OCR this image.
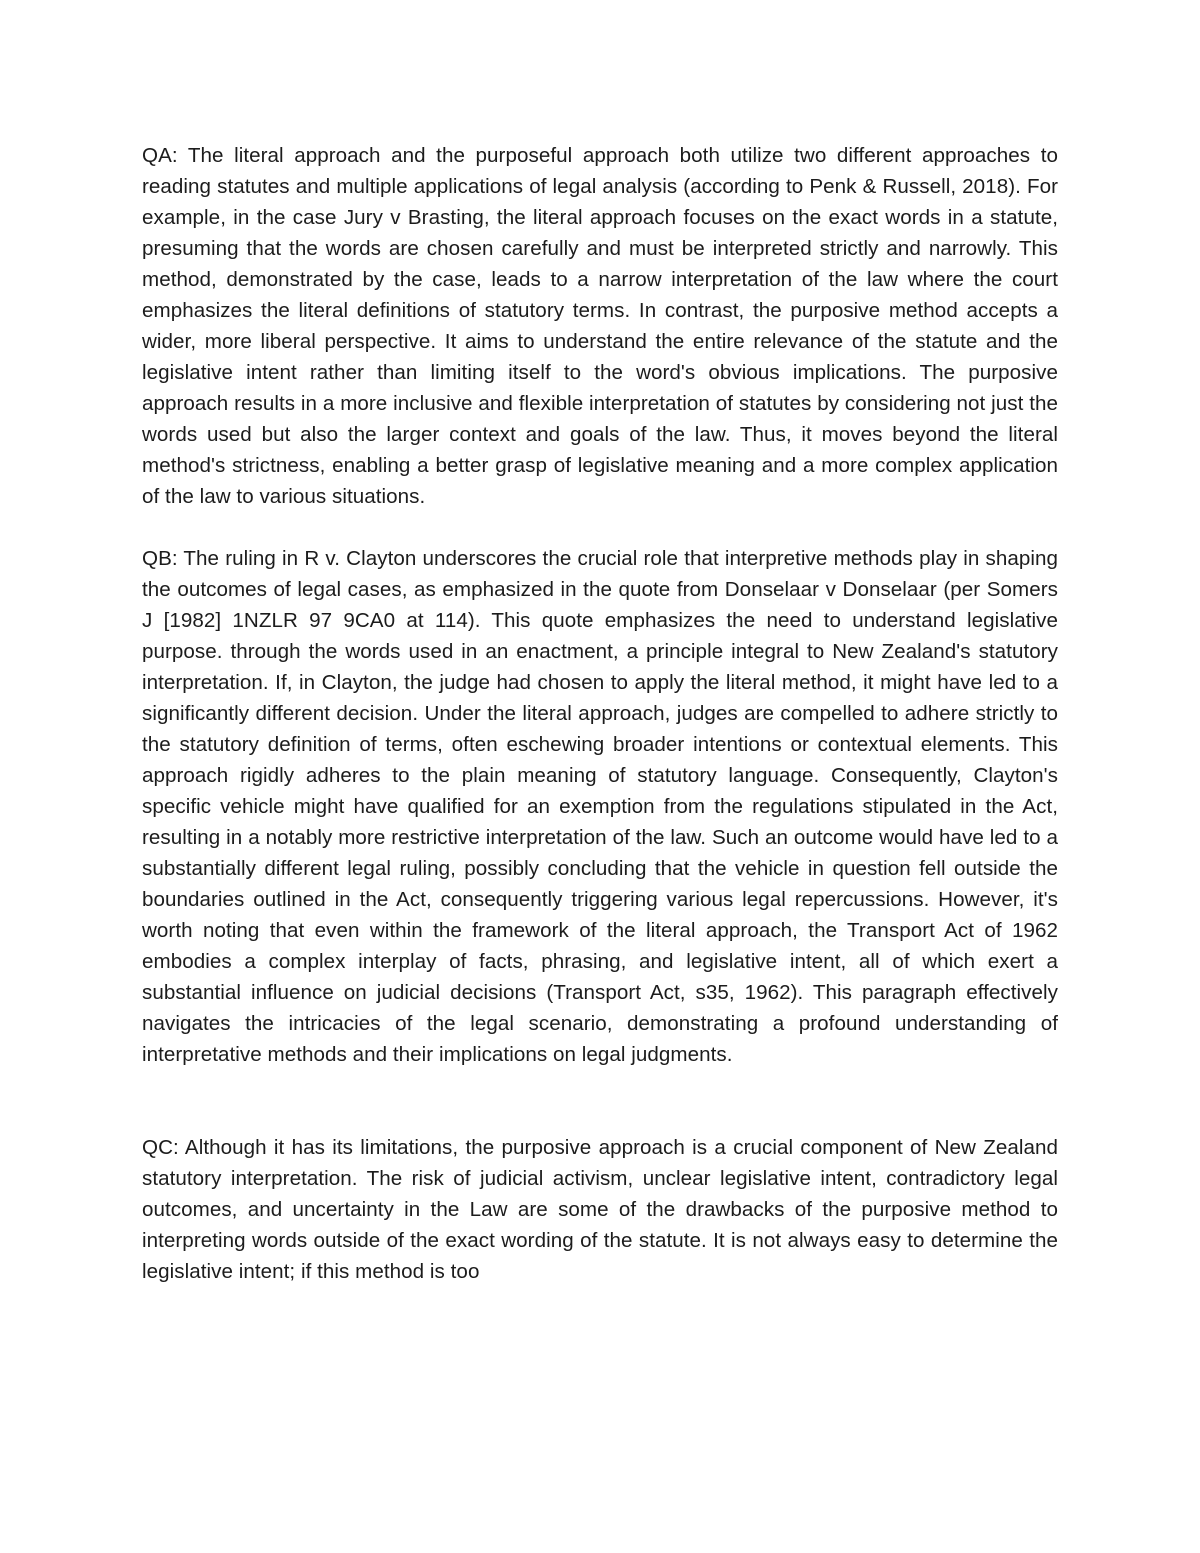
QA: The literal approach and the purposeful approach both utilize two different approaches to reading statutes and multiple applications of legal analysis (according to Penk & Russell, 2018). For example, in the case Jury v Brasting, the literal approach focuses on the exact words in a statute, presuming that the words are chosen carefully and must be interpreted strictly and narrowly. This method, demonstrated by the case, leads to a narrow interpretation of the law where the court emphasizes the literal definitions of statutory terms. In contrast, the purposive method accepts a wider, more liberal perspective. It aims to understand the entire relevance of the statute and the legislative intent rather than limiting itself to the word's obvious implications. The purposive approach results in a more inclusive and flexible interpretation of statutes by considering not just the words used but also the larger context and goals of the law. Thus, it moves beyond the literal method's strictness, enabling a better grasp of legislative meaning and a more complex application of the law to various situations.

QB: The ruling in R v. Clayton underscores the crucial role that interpretive methods play in shaping the outcomes of legal cases, as emphasized in the quote from Donselaar v Donselaar (per Somers J [1982] 1NZLR 97 9CA0 at 114). This quote emphasizes the need to understand legislative purpose. through the words used in an enactment, a principle integral to New Zealand's statutory interpretation. If, in Clayton, the judge had chosen to apply the literal method, it might have led to a significantly different decision. Under the literal approach, judges are compelled to adhere strictly to the statutory definition of terms, often eschewing broader intentions or contextual elements. This approach rigidly adheres to the plain meaning of statutory language. Consequently, Clayton's specific vehicle might have qualified for an exemption from the regulations stipulated in the Act, resulting in a notably more restrictive interpretation of the law. Such an outcome would have led to a substantially different legal ruling, possibly concluding that the vehicle in question fell outside the boundaries outlined in the Act, consequently triggering various legal repercussions. However, it's worth noting that even within the framework of the literal approach, the Transport Act of 1962 embodies a complex interplay of facts, phrasing, and legislative intent, all of which exert a substantial influence on judicial decisions (Transport Act, s35, 1962). This paragraph effectively navigates the intricacies of the legal scenario, demonstrating a profound understanding of interpretative methods and their implications on legal judgments.

QC: Although it has its limitations, the purposive approach is a crucial component of New Zealand statutory interpretation. The risk of judicial activism, unclear legislative intent, contradictory legal outcomes, and uncertainty in the Law are some of the drawbacks of the purposive method to interpreting words outside of the exact wording of the statute. It is not always easy to determine the legislative intent; if this method is too
